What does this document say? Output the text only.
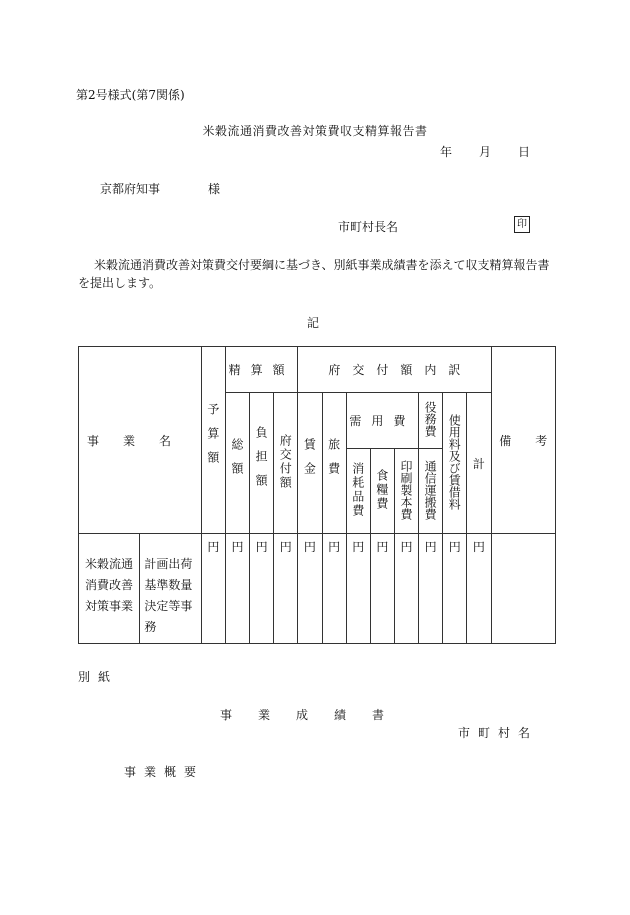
第2号様式(第7関係)
米穀流通消費改善対策費収支精算報告書
年 月 日
京都府知事	様
市町村長名	印
米穀流通消費改善対策費交付要綱に基づき、別紙事業成績書を添えて収支精算報告書
を提出します。
記
事　　業　　名		予算額	精算額			府　交　付　額　内　訳								備　　考
			総額	負担額	府交付額	賃金	旅費	需用費			役務費	使用料及び賃借料	計	
								消耗品費	食糧費	印刷製本費	通信運搬費			
米穀流通消費改善対策事業	計画出荷基準数量決定等事務	円	円	円	円	円	円	円	円	円	円	円	円	
別紙
事業成績書
市町村名
事業概要
